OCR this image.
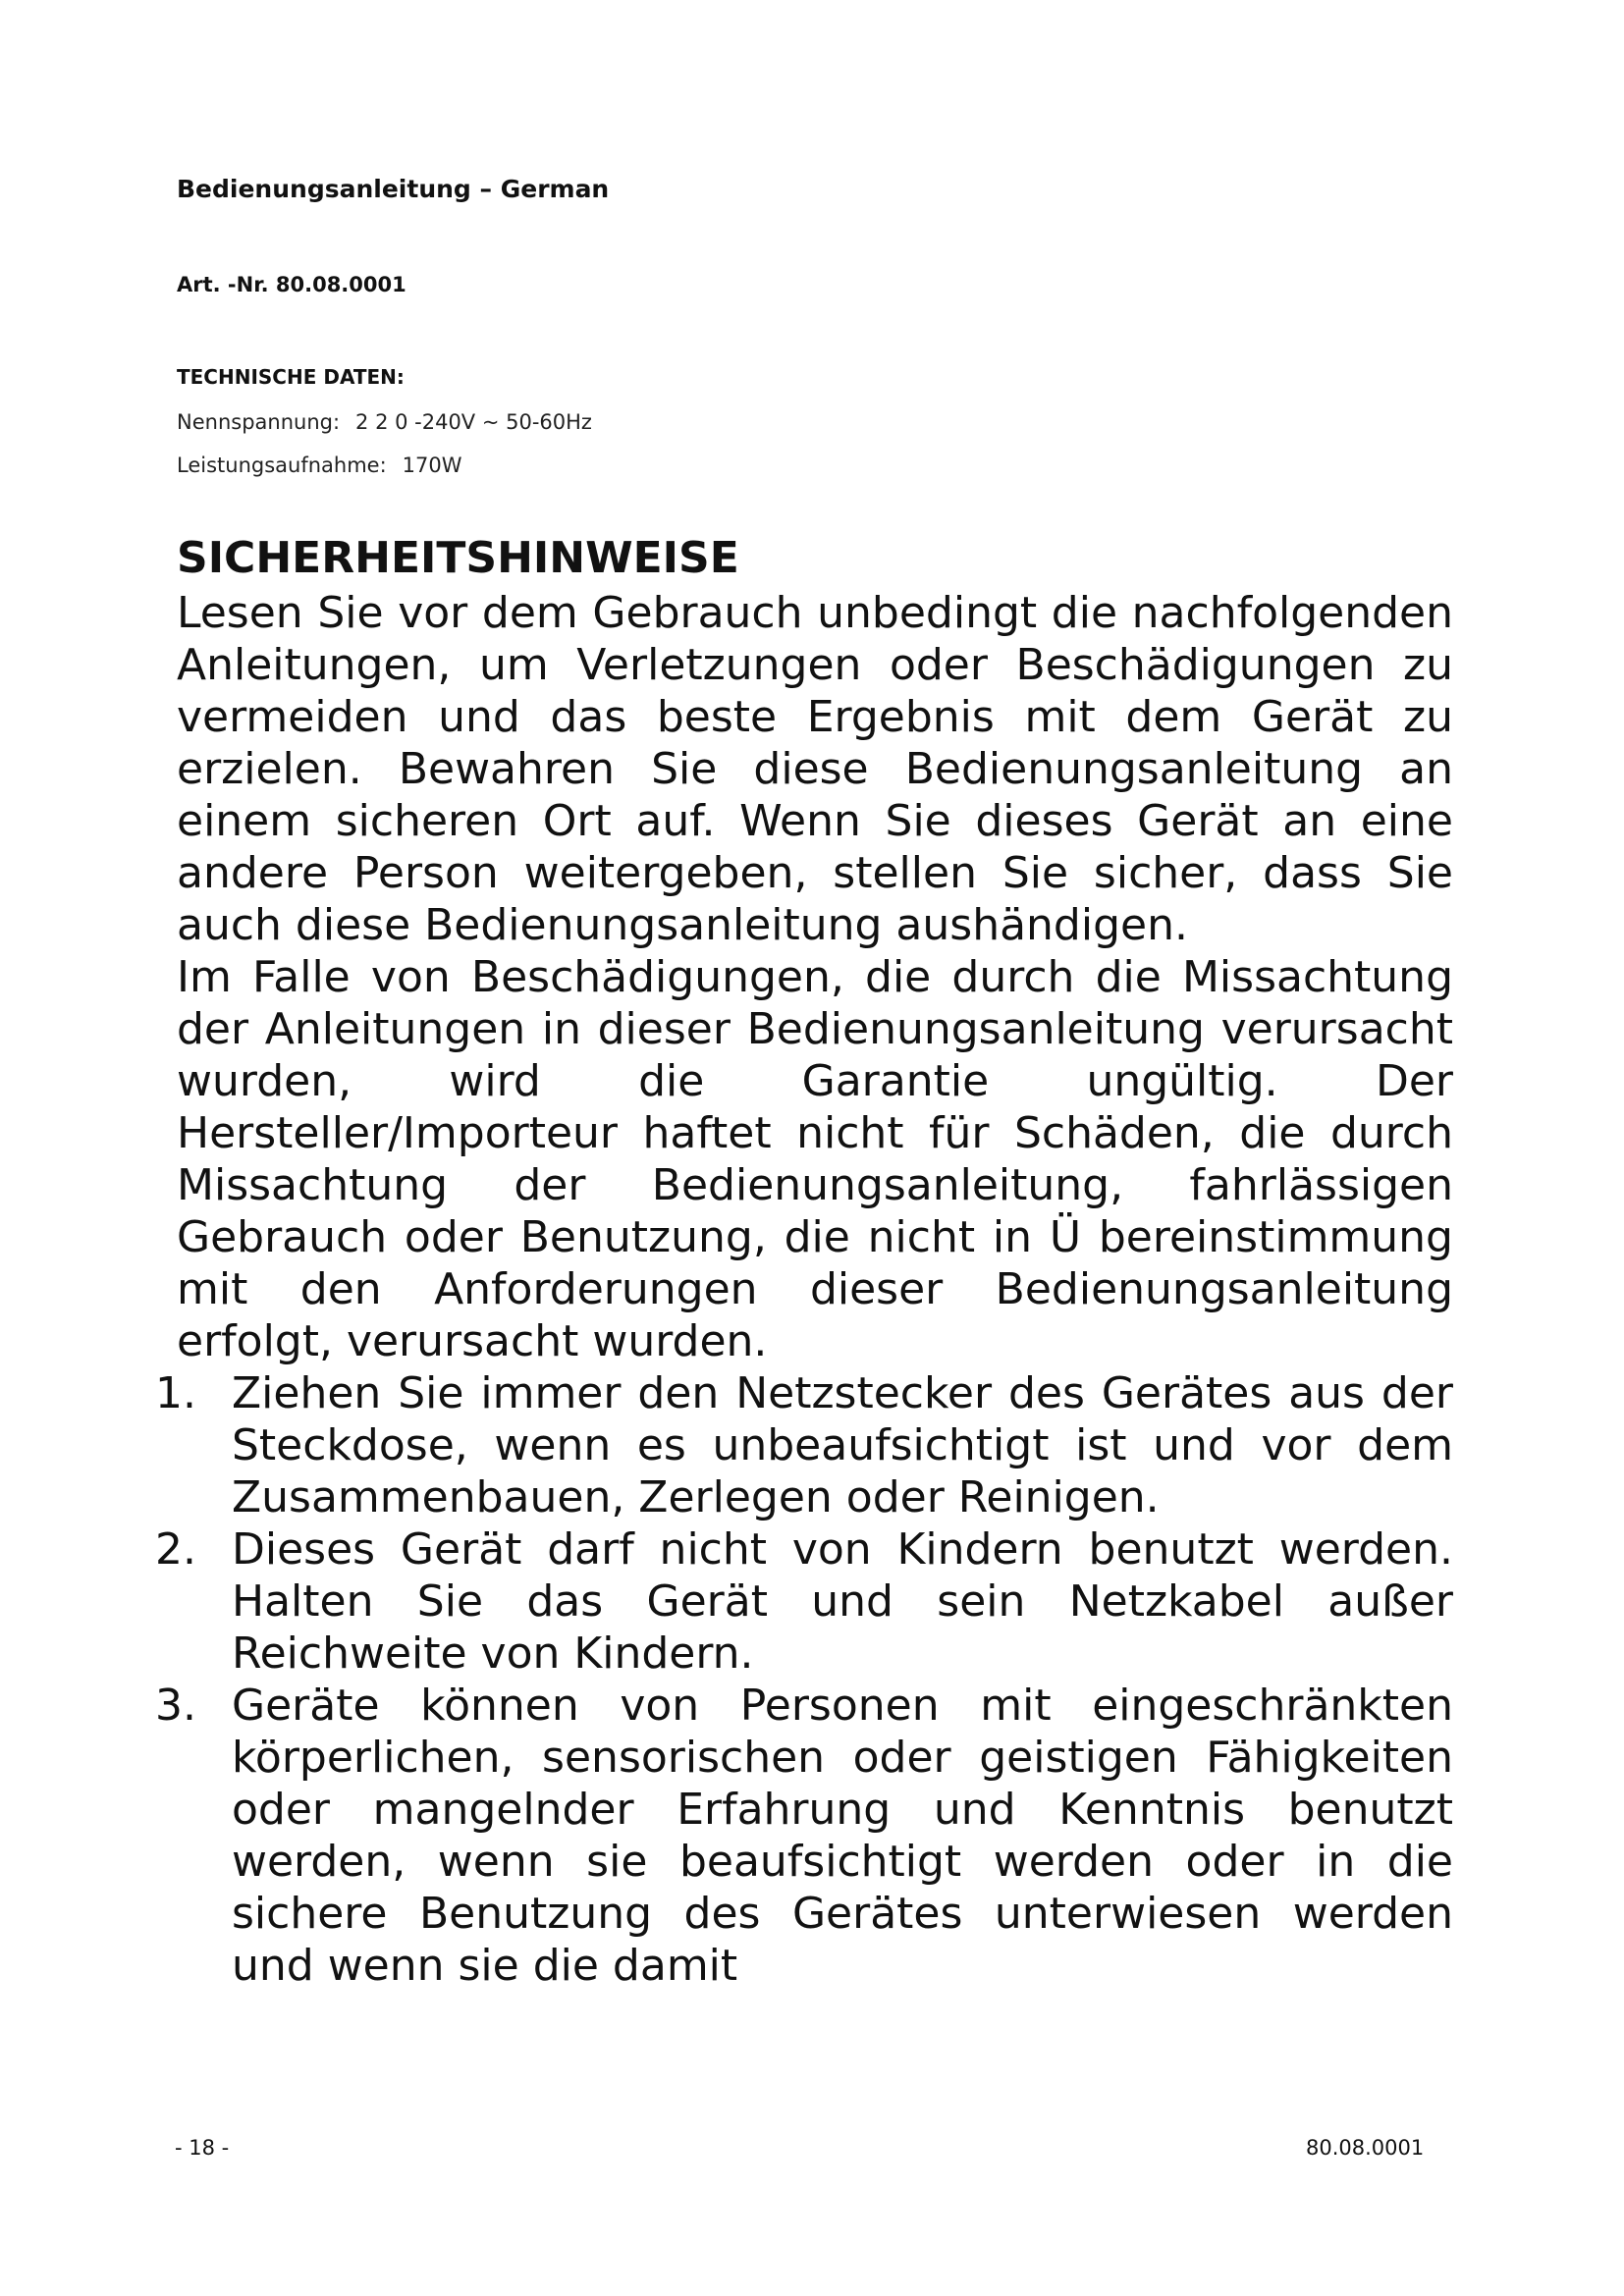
Bedienungsanleitung – German
Art. -Nr. 80.08.0001
TECHNISCHE DATEN:
Nennspannung: 2 2 0 -240V ~ 50-60Hz
Leistungsaufnahme: 170W
SICHERHEITSHINWEISE

Lesen Sie vor dem Gebrauch unbedingt die nachfolgenden Anleitungen, um Verletzungen oder Beschädigungen zu vermeiden und das beste Ergebnis mit dem Gerät zu erzielen. Bewahren Sie diese Bedienungsanleitung an einem sicheren Ort auf. Wenn Sie dieses Gerät an eine andere Person weitergeben, stellen Sie sicher, dass Sie auch diese Bedienungsanleitung aushändigen.

Im Falle von Beschädigungen, die durch die Missachtung der Anleitungen in dieser Bedienungsanleitung verursacht wurden, wird die Garantie ungültig. Der Hersteller/Importeur haftet nicht für Schäden, die durch Missachtung der Bedienungsanleitung, fahrlässigen Gebrauch oder Benutzung, die nicht in Ü bereinstimmung mit den Anforderungen dieser Bedienungsanleitung erfolgt, verursacht wurden.

1. Ziehen Sie immer den Netzstecker des Gerätes aus der Steckdose, wenn es unbeaufsichtigt ist und vor dem Zusammenbauen, Zerlegen oder Reinigen.
2. Dieses Gerät darf nicht von Kindern benutzt werden. Halten Sie das Gerät und sein Netzkabel außer Reichweite von Kindern.
3. Geräte können von Personen mit eingeschränkten körperlichen, sensorischen oder geistigen Fähigkeiten oder mangelnder Erfahrung und Kenntnis benutzt werden, wenn sie beaufsichtigt werden oder in die sichere Benutzung des Gerätes unterwiesen werden und wenn sie die damit
- 18 -	80.08.0001
